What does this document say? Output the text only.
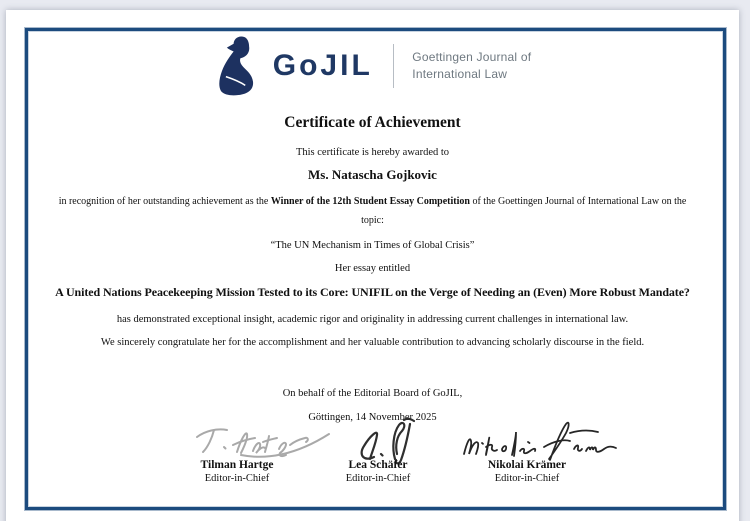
GoJIL	Goettingen Journal of
International Law
Certificate of Achievement
This certificate is hereby awarded to
Ms. Natascha Gojkovic
in recognition of her outstanding achievement as the Winner of the 12th Student Essay Competition of the Goettingen Journal of International Law on the
topic:
“The UN Mechanism in Times of Global Crisis”
Her essay entitled
A United Nations Peacekeeping Mission Tested to its Core: UNIFIL on the Verge of Needing an (Even) More Robust Mandate?
has demonstrated exceptional insight, academic rigor and originality in addressing current challenges in international law.
We sincerely congratulate her for the accomplishment and her valuable contribution to advancing scholarly discourse in the field.
On behalf of the Editorial Board of GoJIL,
Göttingen, 14 November 2025
Tilman Hartge
Editor-in-Chief
Lea Schäfer
Editor-in-Chief
Nikolai Krämer
Editor-in-Chief
